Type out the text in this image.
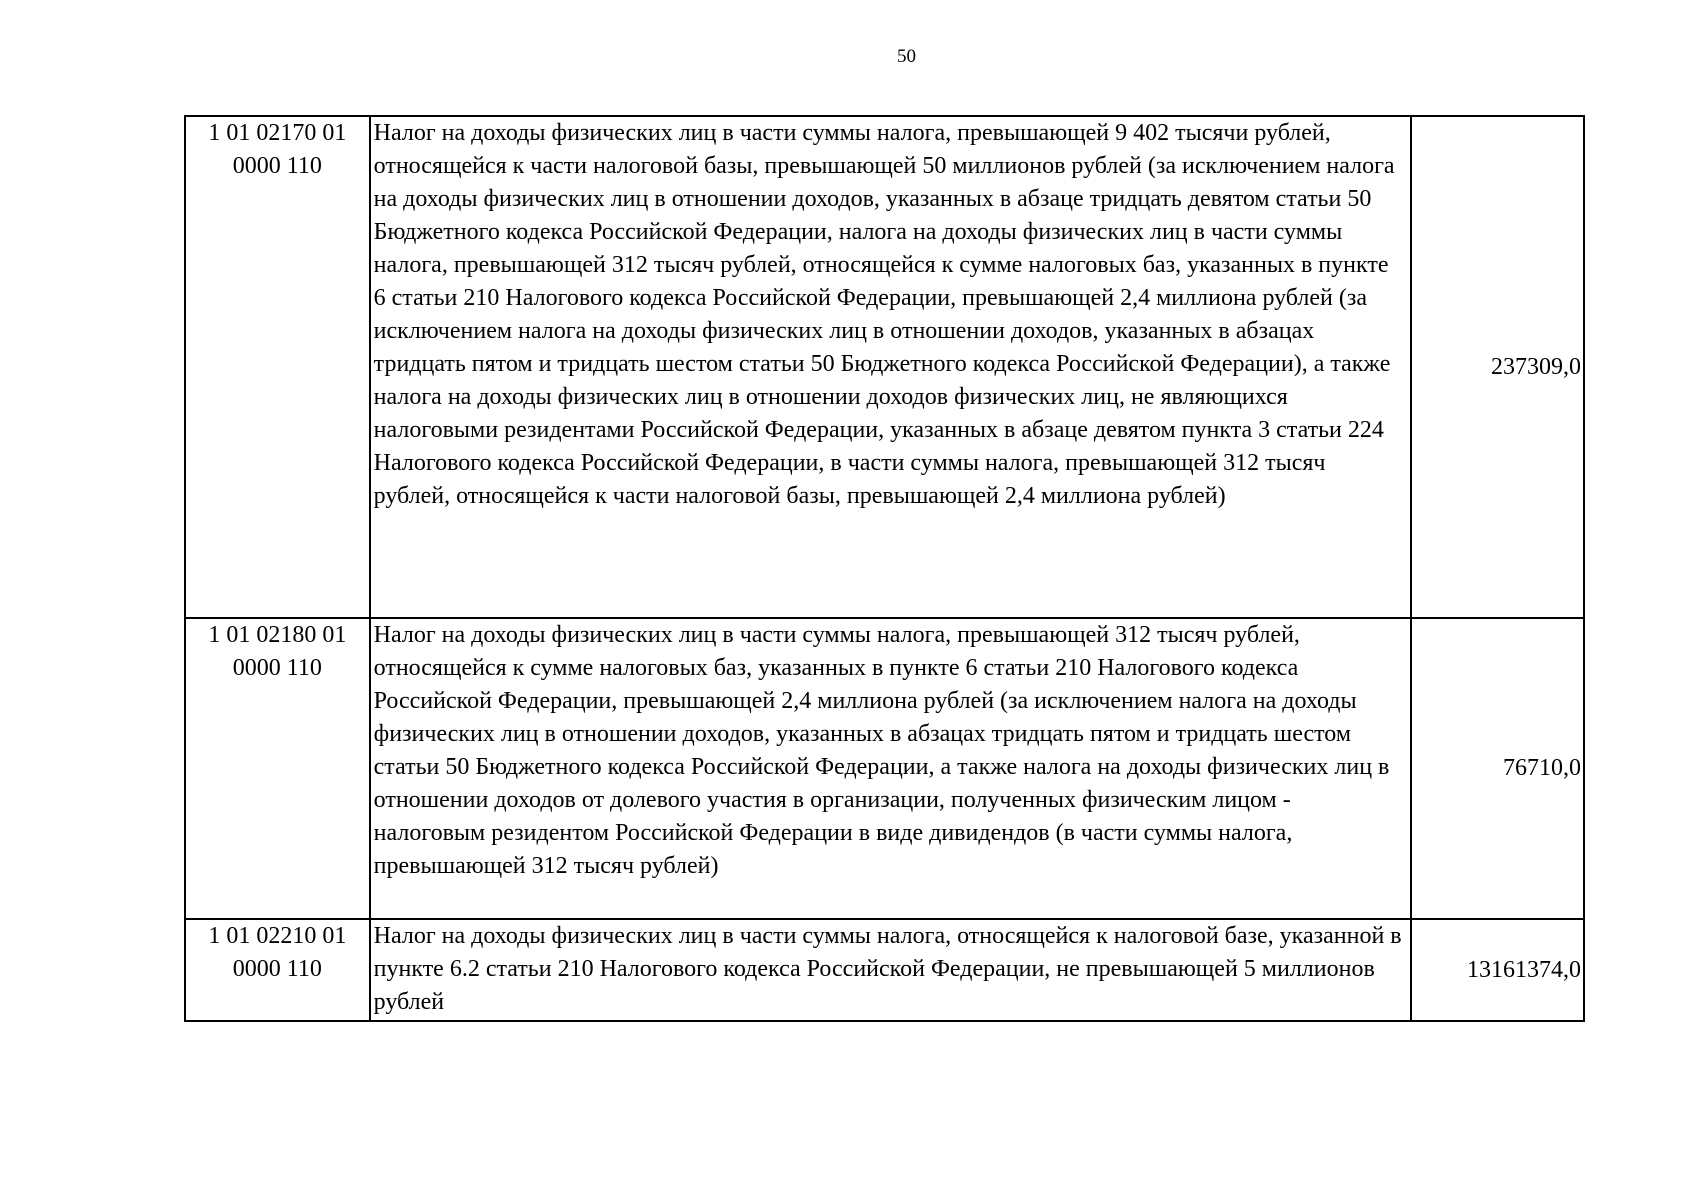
50
1 01 02170 01
0000 110	Налог на доходы физических лиц в части суммы налога, превышающей 9 402 тысячи рублей, относящейся к части налоговой базы, превышающей 50 миллионов рублей (за исключением налога на доходы физических лиц в отношении доходов, указанных в абзаце тридцать девятом статьи 50 Бюджетного кодекса Российской Федерации, налога на доходы физических лиц в части суммы налога, превышающей 312 тысяч рублей, относящейся к сумме налоговых баз, указанных в пункте 6 статьи 210 Налогового кодекса Российской Федерации, превышающей 2,4 миллиона рублей (за исключением налога на доходы физических лиц в отношении доходов, указанных в абзацах тридцать пятом и тридцать шестом статьи 50 Бюджетного кодекса Российской Федерации), а также налога на доходы физических лиц в отношении доходов физических лиц, не являющихся налоговыми резидентами Российской Федерации, указанных в абзаце девятом пункта 3 статьи 224 Налогового кодекса Российской Федерации, в части суммы налога, превышающей 312 тысяч рублей, относящейся к части налоговой базы, превышающей 2,4 миллиона рублей)	237309,0

1 01 02180 01
0000 110	Налог на доходы физических лиц в части суммы налога, превышающей 312 тысяч рублей, относящейся к сумме налоговых баз, указанных в пункте 6 статьи 210 Налогового кодекса Российской Федерации, превышающей 2,4 миллиона рублей (за исключением налога на доходы физических лиц в отношении доходов, указанных в абзацах тридцать пятом и тридцать шестом статьи 50 Бюджетного кодекса Российской Федерации, а также налога на доходы физических лиц в отношении доходов от долевого участия в организации, полученных физическим лицом - налоговым резидентом Российской Федерации в виде дивидендов (в части суммы налога, превышающей 312 тысяч рублей)	76710,0

1 01 02210 01
0000 110	Налог на доходы физических лиц в части суммы налога, относящейся к налоговой базе, указанной в пункте 6.2 статьи 210 Налогового кодекса Российской Федерации, не превышающей 5 миллионов рублей	13161374,0
